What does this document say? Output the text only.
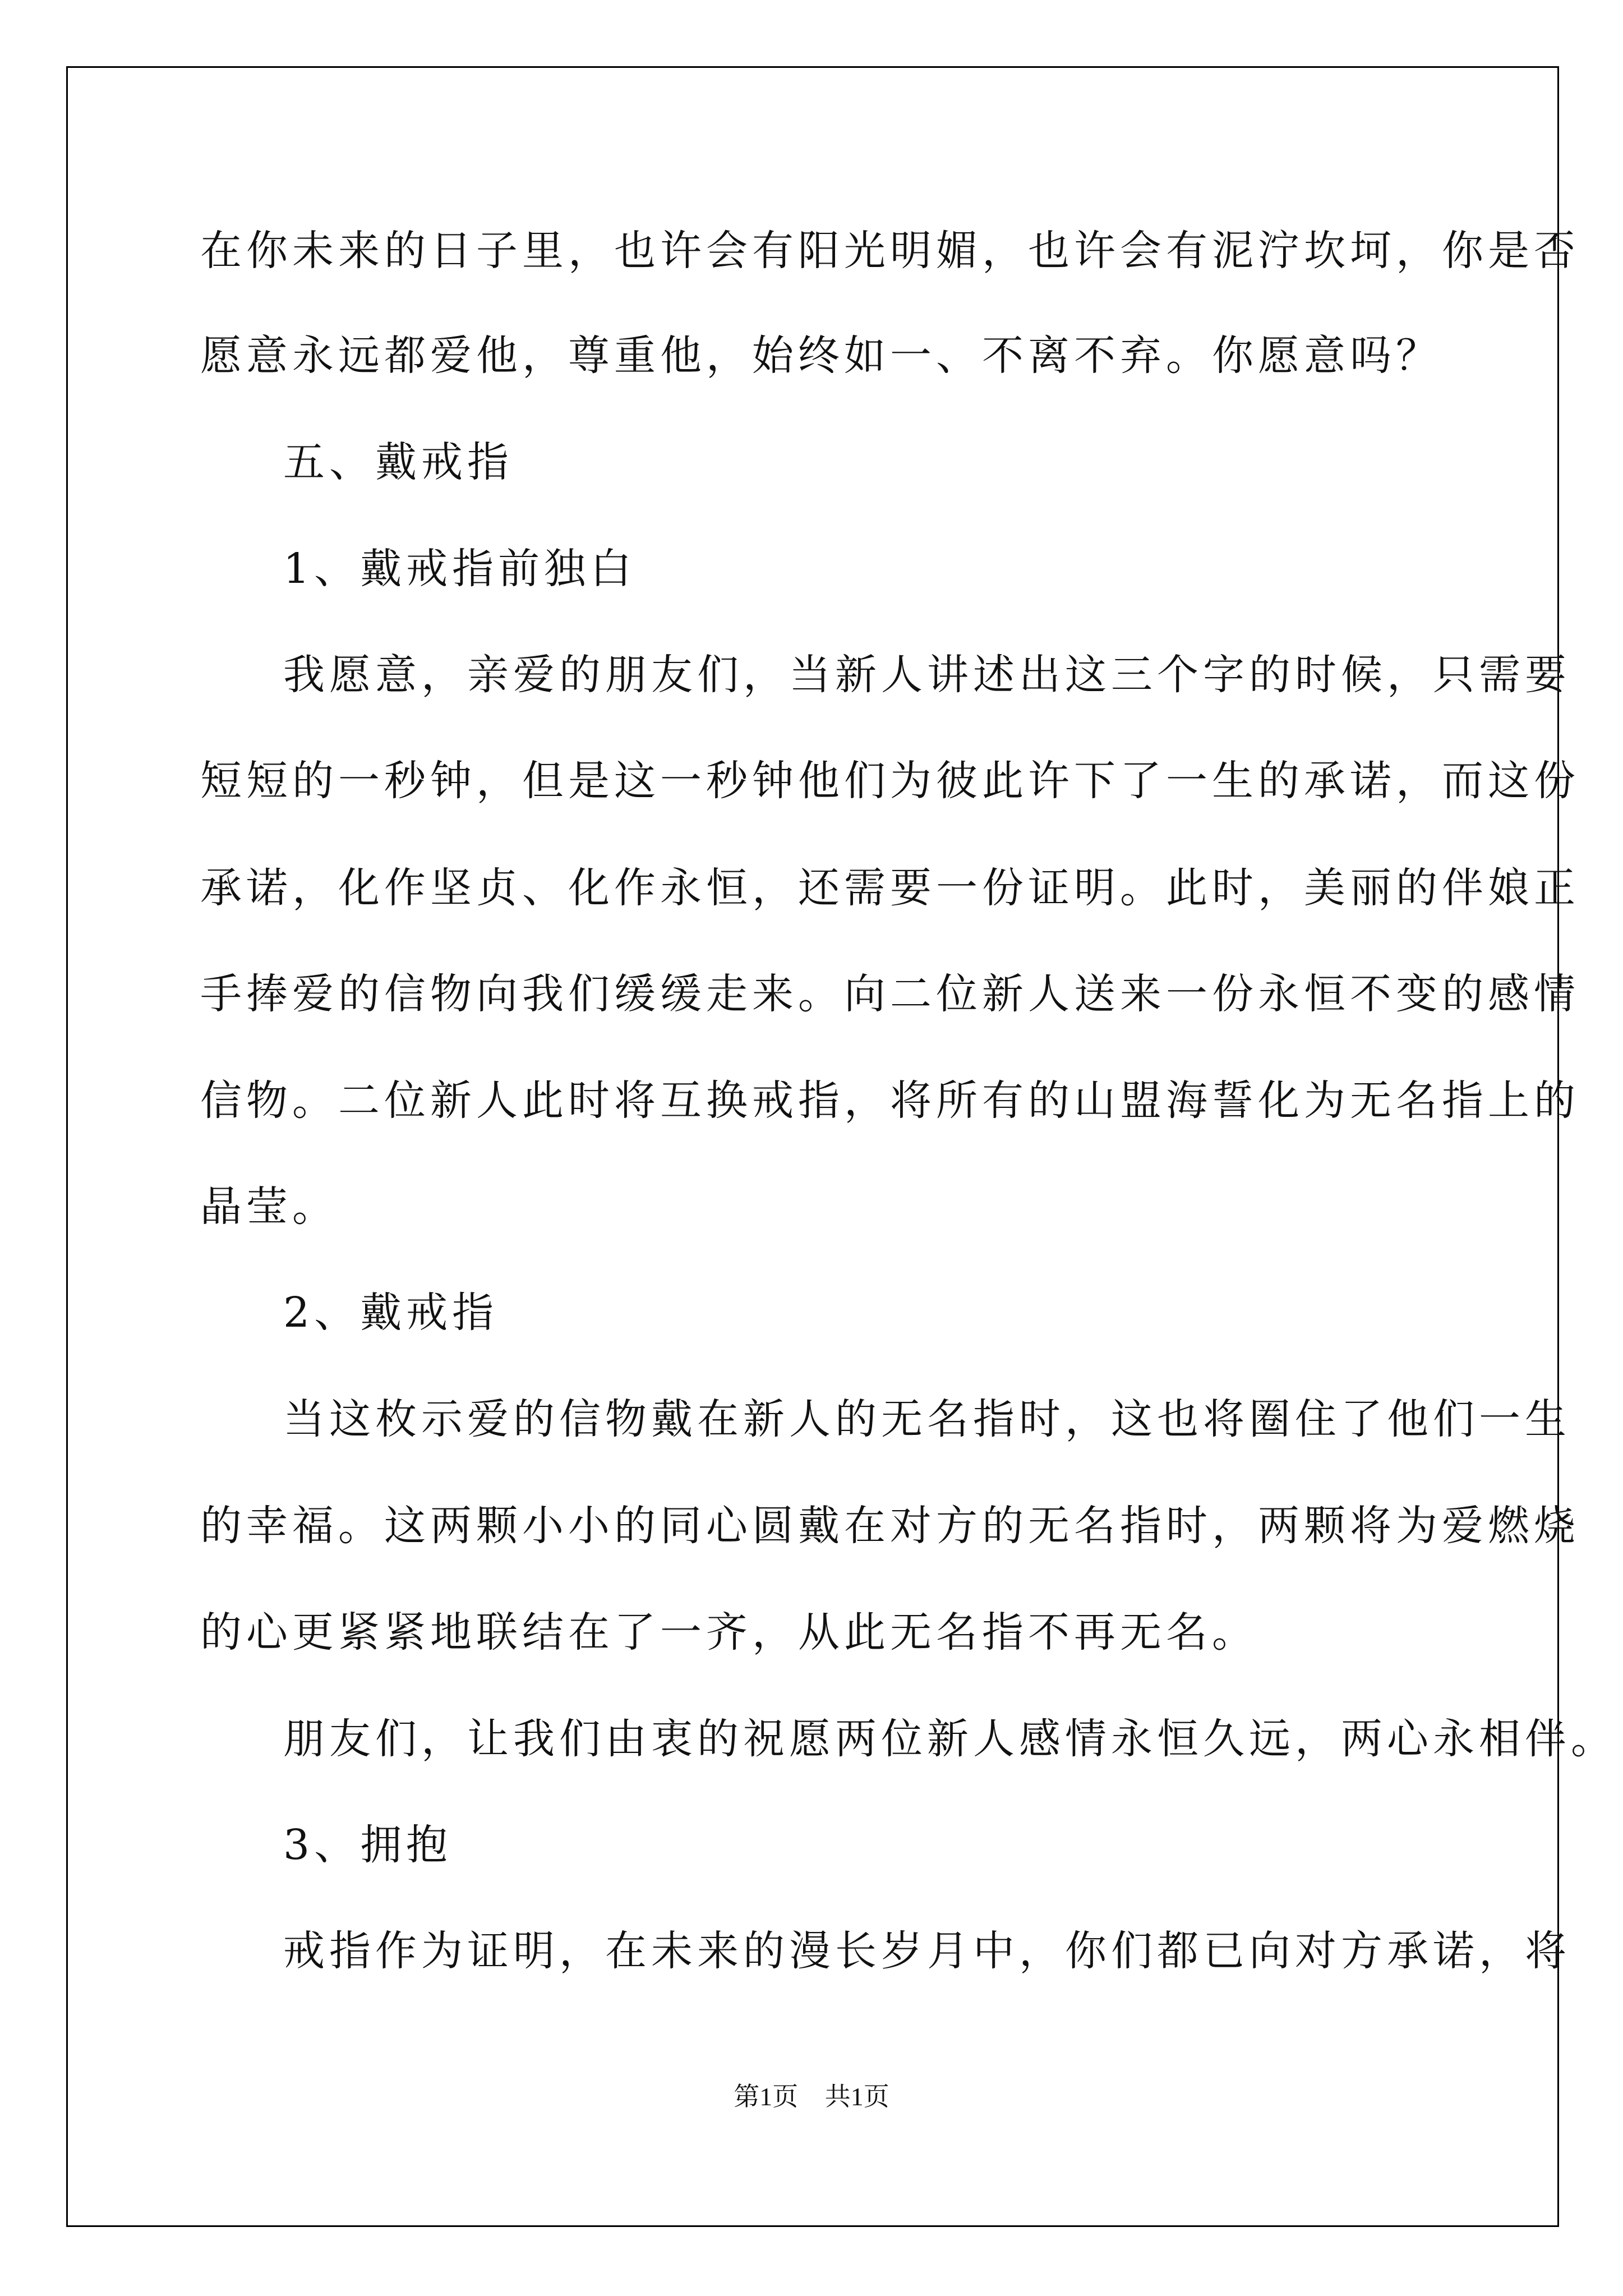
在你未来的日子里，也许会有阳光明媚，也许会有泥泞坎坷，你是否
愿意永远都爱他，尊重他，始终如一、不离不弃。你愿意吗？
五、戴戒指
1、戴戒指前独白
我愿意，亲爱的朋友们，当新人讲述出这三个字的时候，只需要
短短的一秒钟，但是这一秒钟他们为彼此许下了一生的承诺，而这份
承诺，化作坚贞、化作永恒，还需要一份证明。此时，美丽的伴娘正
手捧爱的信物向我们缓缓走来。向二位新人送来一份永恒不变的感情
信物。二位新人此时将互换戒指，将所有的山盟海誓化为无名指上的
晶莹。
2、戴戒指
当这枚示爱的信物戴在新人的无名指时，这也将圈住了他们一生
的幸福。这两颗小小的同心圆戴在对方的无名指时，两颗将为爱燃烧
的心更紧紧地联结在了一齐，从此无名指不再无名。
朋友们，让我们由衷的祝愿两位新人感情永恒久远，两心永相伴。
3、拥抱
戒指作为证明，在未来的漫长岁月中，你们都已向对方承诺，将
第1页 共1页
